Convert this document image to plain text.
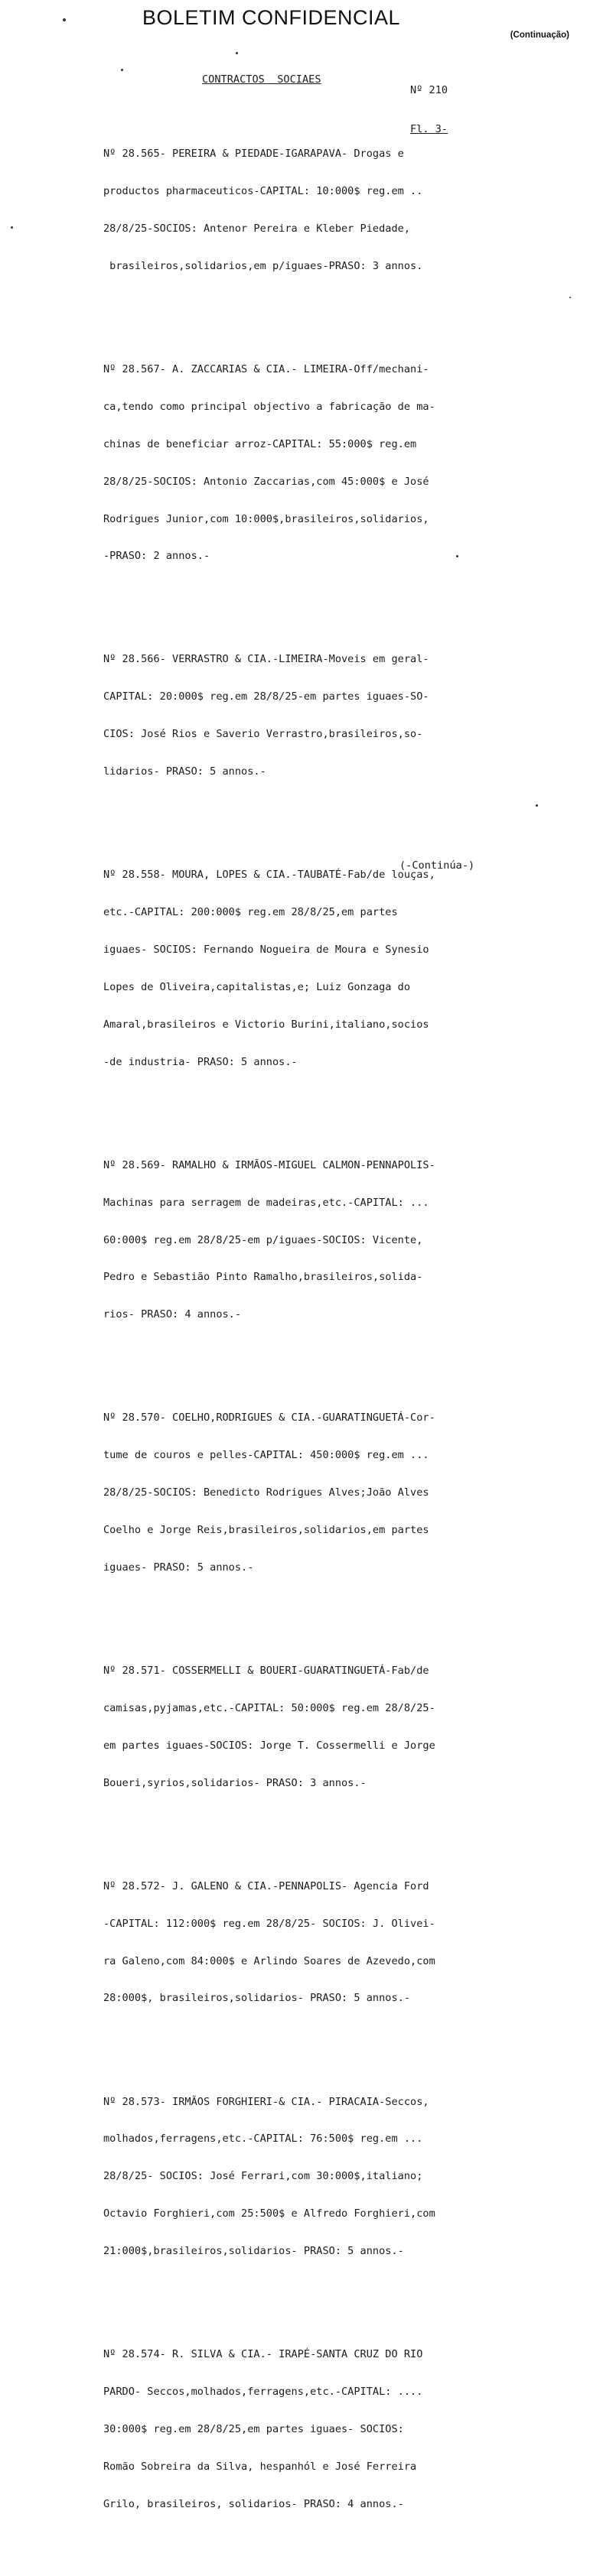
BOLETIM CONFIDENCIAL
(Continuação)

Nº 210

Fl. 3-

CONTRACTOS  SOCIAES

Nº 28.565- PEREIRA & PIEDADE-IGARAPAVA- Drogas e

productos pharmaceuticos-CAPITAL: 10:000$ reg.em ..

28/8/25-SOCIOS: Antenor Pereira e Kleber Piedade,

brasileiros,solidarios,em p/iguaes-PRASO: 3 annos.

Nº 28.567- A. ZACCARIAS & CIA.- LIMEIRA-Off/mechani-

ca,tendo como principal objectivo a fabricação de ma-

chinas de beneficiar arroz-CAPITAL: 55:000$ reg.em

28/8/25-SOCIOS: Antonio Zaccarias,com 45:000$ e José

Rodrigues Junior,com 10:000$,brasileiros,solidarios,

-PRASO: 2 annos.-

Nº 28.566- VERRASTRO & CIA.-LIMEIRA-Moveis em geral-

CAPITAL: 20:000$ reg.em 28/8/25-em partes iguaes-SO-

CIOS: José Rios e Saverio Verrastro,brasileiros,so-

lidarios- PRASO: 5 annos.-

Nº 28.558- MOURA, LOPES & CIA.-TAUBATÉ-Fab/de louças,

etc.-CAPITAL: 200:000$ reg.em 28/8/25,em partes

iguaes- SOCIOS: Fernando Nogueira de Moura e Synesio

Lopes de Oliveira,capitalistas,e; Luiz Gonzaga do

Amaral,brasileiros e Victorio Burini,italiano,socios

-de industria- PRASO: 5 annos.-

Nº 28.569- RAMALHO & IRMÃOS-MIGUEL CALMON-PENNAPOLIS-

Machinas para serragem de madeiras,etc.-CAPITAL: ...

60:000$ reg.em 28/8/25-em p/iguaes-SOCIOS: Vicente,

Pedro e Sebastião Pinto Ramalho,brasileiros,solida-

rios- PRASO: 4 annos.-

Nº 28.570- COELHO,RODRIGUES & CIA.-GUARATINGUETÁ-Cor-

tume de couros e pelles-CAPITAL: 450:000$ reg.em ...

28/8/25-SOCIOS: Benedicto Rodrigues Alves;João Alves

Coelho e Jorge Reis,brasileiros,solidarios,em partes

iguaes- PRASO: 5 annos.-

Nº 28.571- COSSERMELLI & BOUERI-GUARATINGUETÁ-Fab/de

camisas,pyjamas,etc.-CAPITAL: 50:000$ reg.em 28/8/25-

em partes iguaes-SOCIOS: Jorge T. Cossermelli e Jorge

Boueri,syrios,solidarios- PRASO: 3 annos.-

Nº 28.572- J. GALENO & CIA.-PENNAPOLIS- Agencia Ford

-CAPITAL: 112:000$ reg.em 28/8/25- SOCIOS: J. Olivei-

ra Galeno,com 84:000$ e Arlindo Soares de Azevedo,com

28:000$, brasileiros,solidarios- PRASO: 5 annos.-

Nº 28.573- IRMÃOS FORGHIERI-& CIA.- PIRACAIA-Seccos,

molhados,ferragens,etc.-CAPITAL: 76:500$ reg.em ...

28/8/25- SOCIOS: José Ferrari,com 30:000$,italiano;

Octavio Forghieri,com 25:500$ e Alfredo Forghieri,com

21:000$,brasileiros,solidarios- PRASO: 5 annos.-

Nº 28.574- R. SILVA & CIA.- IRAPÉ-SANTA CRUZ DO RIO

PARDO- Seccos,molhados,ferragens,etc.-CAPITAL: ....

30:000$ reg.em 28/8/25,em partes iguaes- SOCIOS:

Romão Sobreira da Silva, hespanhól e José Ferreira

Grilo, brasileiros, solidarios- PRASO: 4 annos.-

(-Continúa-)
